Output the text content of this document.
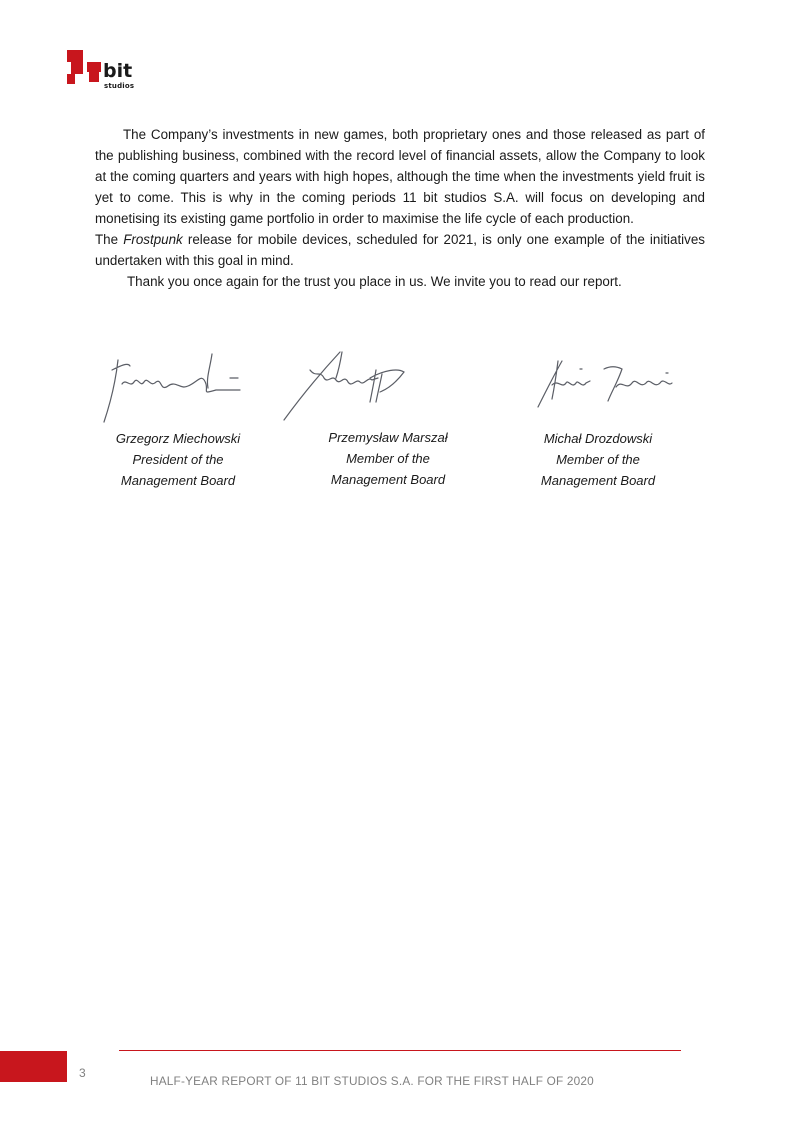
bit
studios

The Company’s investments in new games, both proprietary ones and those released as part of the publishing business, combined with the record level of financial assets, allow the Company to look at the coming quarters and years with high hopes, although the time when the investments yield fruit is yet to come. This is why in the coming periods 11 bit studios S.A. will focus on developing and monetising its existing game portfolio in order to maximise the life cycle of each production.

The Frostpunk release for mobile devices, scheduled for 2021, is only one example of the initiatives undertaken with this goal in mind.

Thank you once again for the trust you place in us. We invite you to read our report.

Grzegorz Miechowski
President of the
Management Board
Przemysław Marszał
Member of the
Management Board
Michał Drozdowski
Member of the
Management Board
3
HALF-YEAR REPORT OF 11 BIT STUDIOS S.A. FOR THE FIRST HALF OF 2020
